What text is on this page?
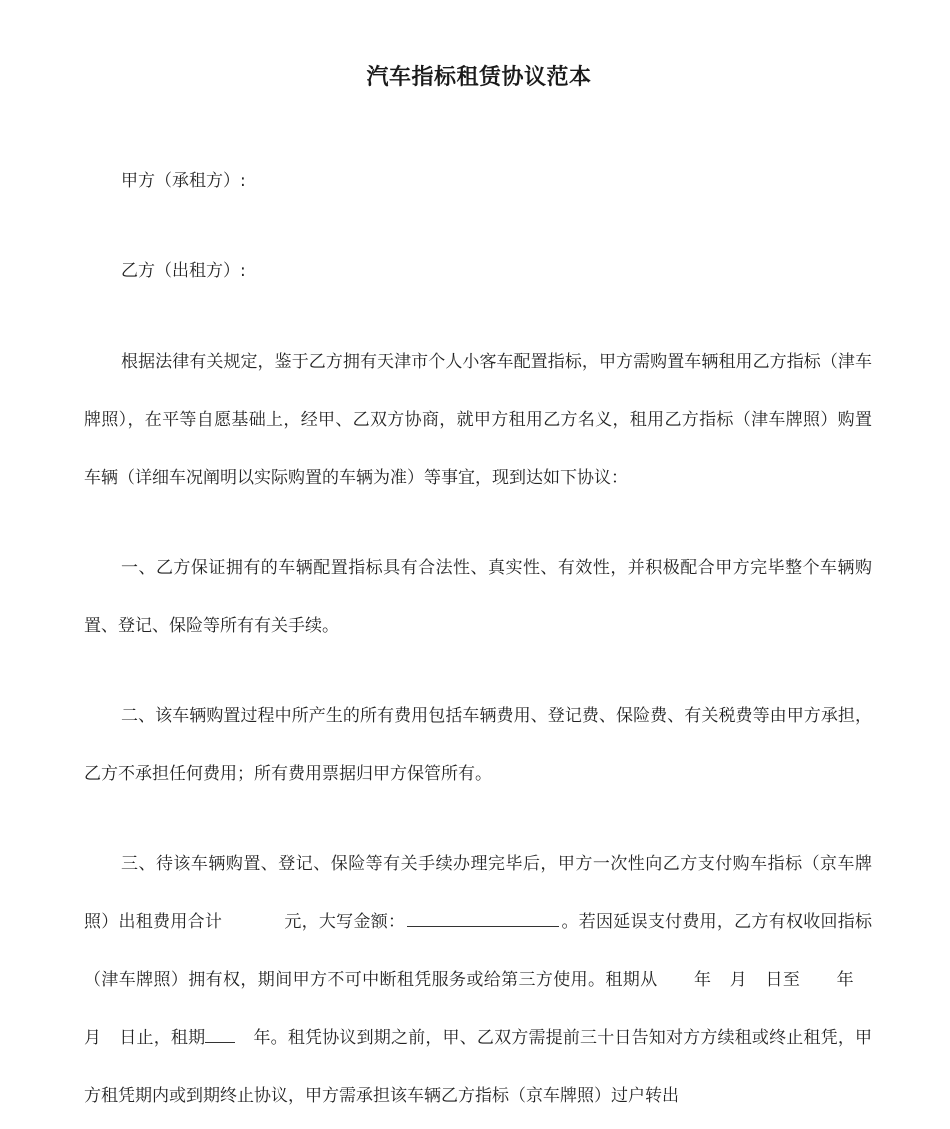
汽车指标租赁协议范本
甲方（承租方）:
乙方（出租方）:

根据法律有关规定，鉴于乙方拥有天津市个人小客车配置指标，甲方需购置车辆租用乙方指标（津车牌照），在平等自愿基础上，经甲、乙双方协商，就甲方租用乙方名义，租用乙方指标（津车牌照）购置车辆（详细车况阐明以实际购置的车辆为准）等事宜，现到达如下协议：

一、乙方保证拥有的车辆配置指标具有合法性、真实性、有效性，并积极配合甲方完毕整个车辆购置、登记、保险等所有有关手续。

二、该车辆购置过程中所产生的所有费用包括车辆费用、登记费、保险费、有关税费等由甲方承担，乙方不承担任何费用；所有费用票据归甲方保管所有。

三、待该车辆购置、登记、保险等有关手续办理完毕后，甲方一次性向乙方支付购车指标（京车牌照）出租费用合计	元，大写金额：	。若因延误支付费用，乙方有权收回指标（津车牌照）拥有权，期间甲方不可中断租凭服务或给第三方使用。租期从 年 月 日至 年月 日止，租期	年。租凭协议到期之前，甲、乙双方需提前三十日告知对方方续租或终止租凭，甲方租凭期内或到期终止协议，甲方需承担该车辆乙方指标（京车牌照）过户转出
